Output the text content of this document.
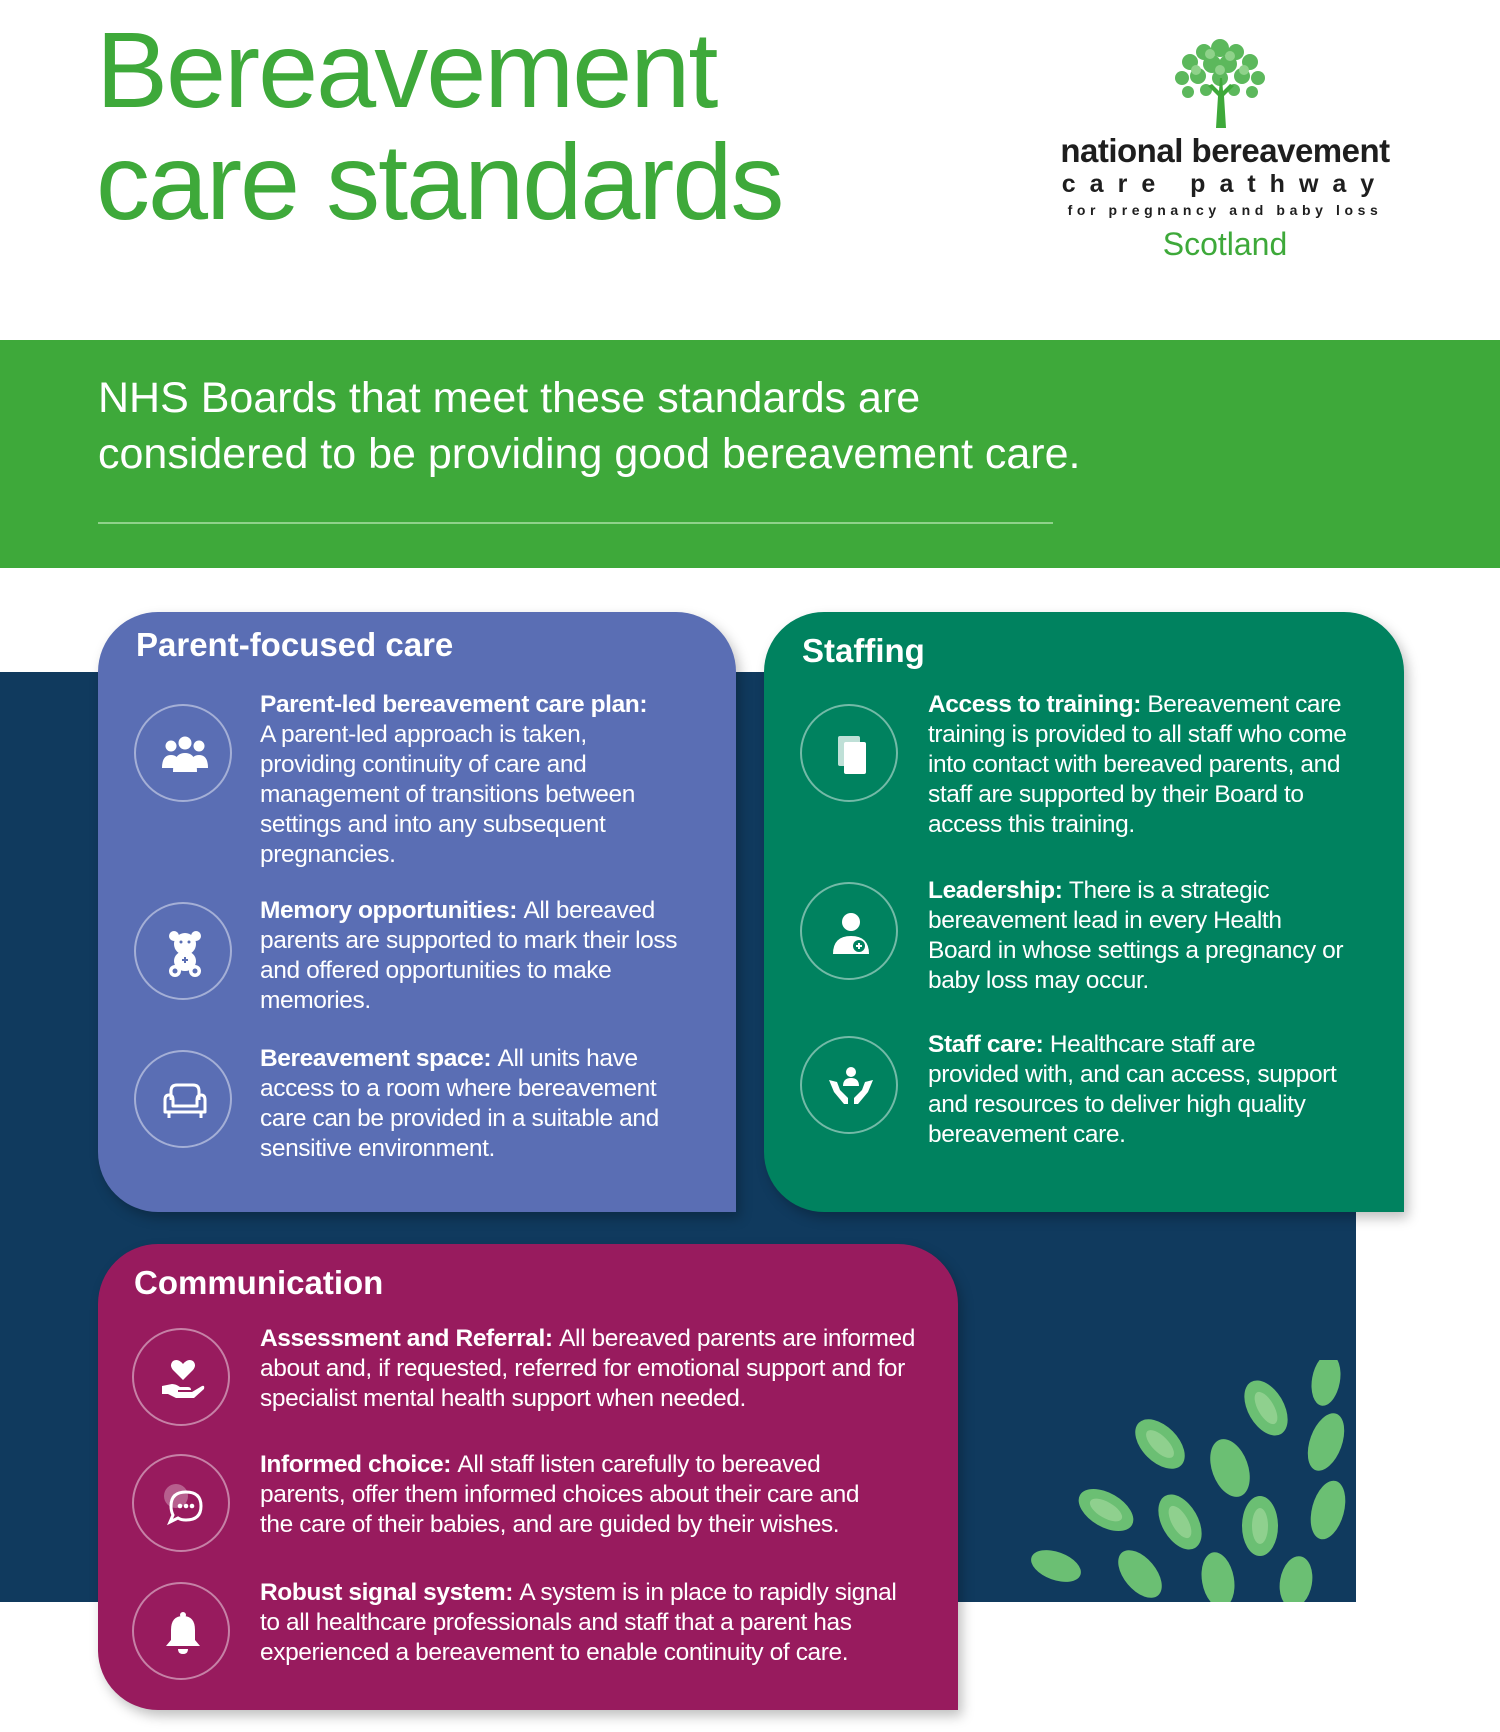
Bereavement
care standards	national bereavement
care pathway
for pregnancy and baby loss
Scotland
NHS Boards that meet these standards are
considered to be providing good bereavement care.
Parent-focused care

Parent-led bereavement care plan: A parent-led approach is taken, providing continuity of care and management of transitions between settings and into any subsequent pregnancies.

Memory opportunities: All bereaved parents are supported to mark their loss and offered opportunities to make memories.

Bereavement space: All units have access to a room where bereavement care can be provided in a suitable and sensitive environment.

Staffing

Access to training: Bereavement care training is provided to all staff who come into contact with bereaved parents, and staff are supported by their Board to access this training.

Leadership: There is a strategic bereavement lead in every Health Board in whose settings a pregnancy or baby loss may occur.

Staff care: Healthcare staff are provided with, and can access, support and resources to deliver high quality bereavement care.

Communication

Assessment and Referral: All bereaved parents are informed about and, if requested, referred for emotional support and for specialist mental health support when needed.

Informed choice: All staff listen carefully to bereaved parents, offer them informed choices about their care and the care of their babies, and are guided by their wishes.

Robust signal system: A system is in place to rapidly signal to all healthcare professionals and staff that a parent has experienced a bereavement to enable continuity of care.
